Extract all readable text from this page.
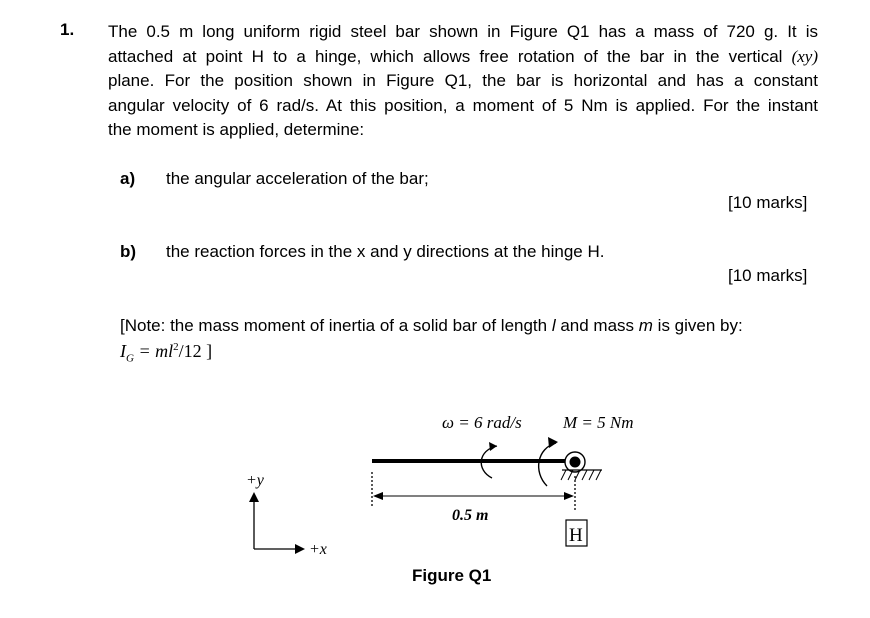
1. The 0.5 m long uniform rigid steel bar shown in Figure Q1 has a mass of 720 g. It is
attached at point H to a hinge, which allows free rotation of the bar in the vertical (xy)
plane. For the position shown in Figure Q1, the bar is horizontal and has a constant
angular velocity of 6 rad/s. At this position, a moment of 5 Nm is applied. For the instant
the moment is applied, determine:
a) the angular acceleration of the bar;
[10 marks]
b) the reaction forces in the x and y directions at the hinge H.
[10 marks]
[Note: the mass moment of inertia of a solid bar of length l and mass m is given by:
$I_G = ml^2/12$ ]
ω = 6 rad/s M = 5 Nm
0.5 m
H
+y
+x
Figure Q1
